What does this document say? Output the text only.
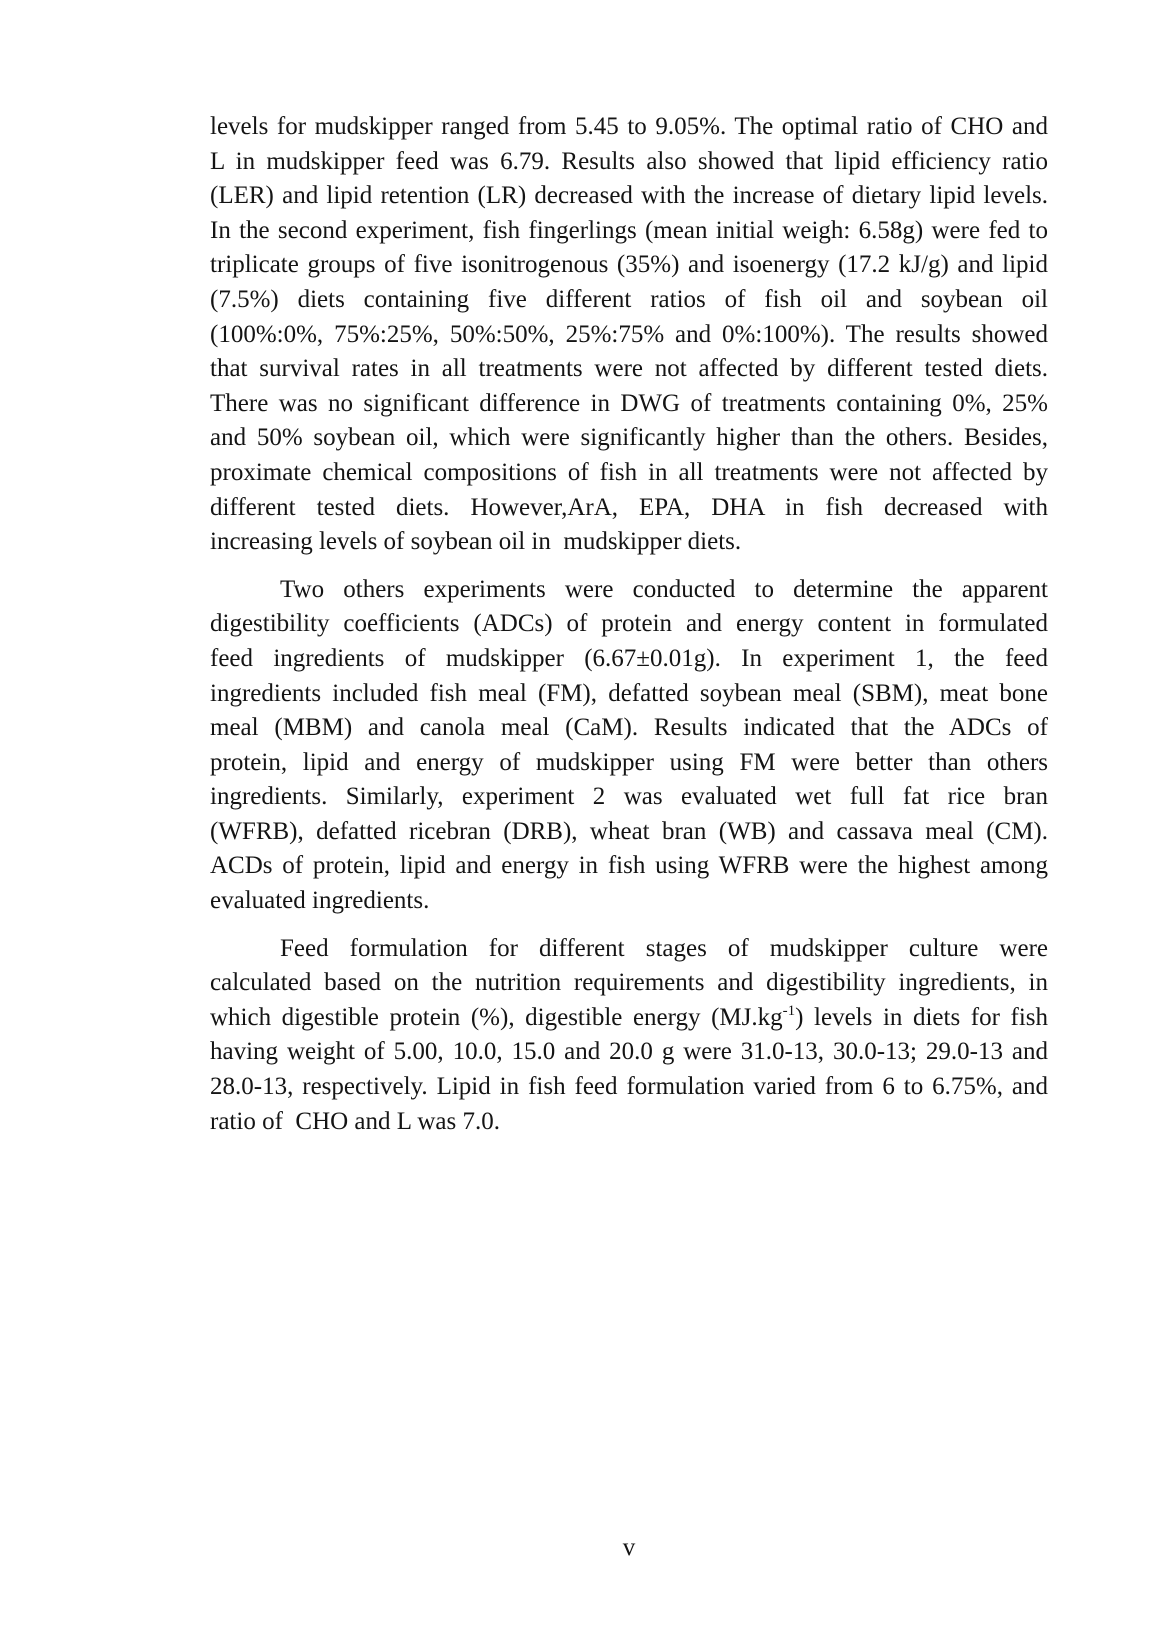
levels for mudskipper ranged from 5.45 to 9.05%. The optimal ratio of CHO and
L in mudskipper feed was 6.79. Results also showed that lipid efficiency ratio
(LER) and lipid retention (LR) decreased with the increase of dietary lipid levels.
In the second experiment, fish fingerlings (mean initial weigh: 6.58g) were fed to
triplicate groups of five isonitrogenous (35%) and isoenergy (17.2 kJ/g) and lipid
(7.5%) diets containing five different ratios of fish oil and soybean oil
(100%:0%, 75%:25%, 50%:50%, 25%:75% and 0%:100%). The results showed
that survival rates in all treatments were not affected by different tested diets.
There was no significant difference in DWG of treatments containing 0%, 25%
and 50% soybean oil, which were significantly higher than the others. Besides,
proximate chemical compositions of fish in all treatments were not affected by
different tested diets. However,ArA, EPA, DHA in fish decreased with
increasing levels of soybean oil in  mudskipper diets.
Two others experiments were conducted to determine the apparent
digestibility coefficients (ADCs) of protein and energy content in formulated
feed ingredients of mudskipper (6.67±0.01g). In experiment 1, the feed
ingredients included fish meal (FM), defatted soybean meal (SBM), meat bone
meal (MBM) and canola meal (CaM). Results indicated that the ADCs of
protein, lipid and energy of mudskipper using FM were better than others
ingredients. Similarly, experiment 2 was evaluated wet full fat rice bran
(WFRB), defatted ricebran (DRB), wheat bran (WB) and cassava meal (CM).
ACDs of protein, lipid and energy in fish using WFRB were the highest among
evaluated ingredients.
Feed formulation for different stages of mudskipper culture were
calculated based on the nutrition requirements and digestibility ingredients, in
which digestible protein (%), digestible energy $(MJ.kg^{-1})$ levels in diets for fish
having weight of 5.00, 10.0, 15.0 and 20.0 g were 31.0-13, 30.0-13; 29.0-13 and
28.0-13, respectively. Lipid in fish feed formulation varied from 6 to 6.75%, and
ratio of  CHO and L was 7.0.
v
